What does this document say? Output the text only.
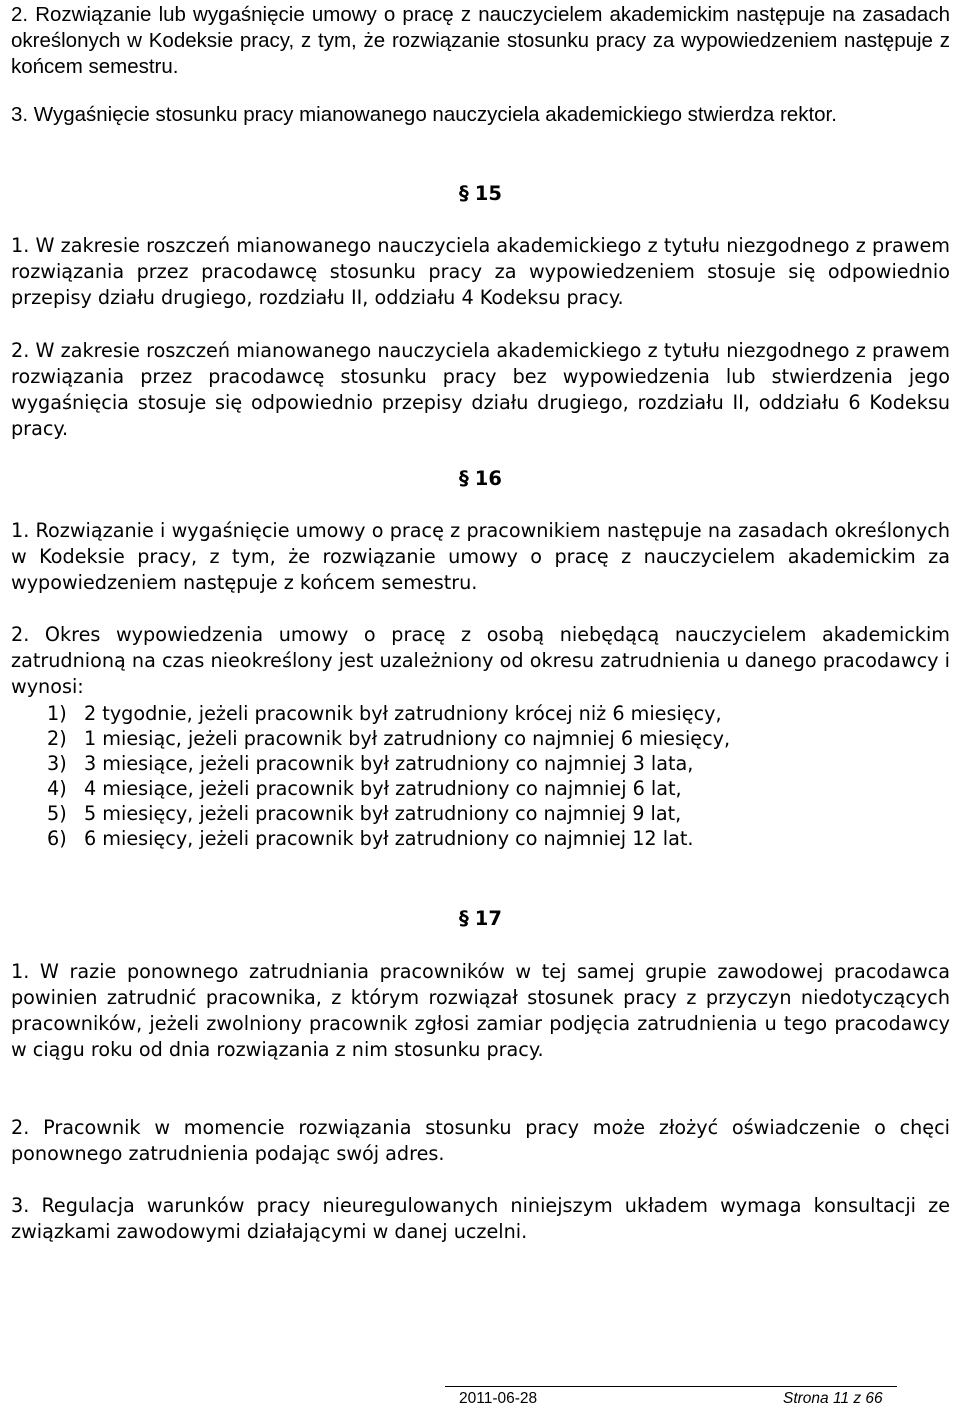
2. Rozwiązanie lub wygaśnięcie umowy o pracę z nauczycielem akademickim następuje na zasadach określonych w Kodeksie pracy, z tym, że rozwiązanie stosunku pracy za wypowiedzeniem następuje z końcem semestru.

3. Wygaśnięcie stosunku pracy mianowanego nauczyciela akademickiego stwierdza rektor.

§ 15

1. W zakresie roszczeń mianowanego nauczyciela akademickiego z tytułu niezgodnego z prawem rozwiązania przez pracodawcę stosunku pracy za wypowiedzeniem stosuje się odpowiednio przepisy działu drugiego, rozdziału II, oddziału 4 Kodeksu pracy.

2. W zakresie roszczeń mianowanego nauczyciela akademickiego z tytułu niezgodnego z prawem rozwiązania przez pracodawcę stosunku pracy bez wypowiedzenia lub stwierdzenia jego wygaśnięcia stosuje się odpowiednio przepisy działu drugiego, rozdziału II, oddziału 6 Kodeksu pracy.

§ 16

1. Rozwiązanie i wygaśnięcie umowy o pracę z pracownikiem następuje na zasadach określonych w Kodeksie pracy, z tym, że rozwiązanie umowy o pracę z nauczycielem akademickim za wypowiedzeniem następuje z końcem semestru.

2. Okres wypowiedzenia umowy o pracę z osobą niebędącą nauczycielem akademickim zatrudnioną na czas nieokreślony jest uzależniony od okresu zatrudnienia u danego pracodawcy i wynosi:

1) 2 tygodnie, jeżeli pracownik był zatrudniony krócej niż 6 miesięcy,
2) 1 miesiąc, jeżeli pracownik był zatrudniony co najmniej 6 miesięcy,
3) 3 miesiące, jeżeli pracownik był zatrudniony co najmniej 3 lata,
4) 4 miesiące, jeżeli pracownik był zatrudniony co najmniej 6 lat,
5) 5 miesięcy, jeżeli pracownik był zatrudniony co najmniej 9 lat,
6) 6 miesięcy, jeżeli pracownik był zatrudniony co najmniej 12 lat.
§ 17

1. W razie ponownego zatrudniania pracowników w tej samej grupie zawodowej pracodawca powinien zatrudnić pracownika, z którym rozwiązał stosunek pracy z przyczyn niedotyczących pracowników, jeżeli zwolniony pracownik zgłosi zamiar podjęcia zatrudnienia u tego pracodawcy w ciągu roku od dnia rozwiązania z nim stosunku pracy.

2. Pracownik w momencie rozwiązania stosunku pracy może złożyć oświadczenie o chęci ponownego zatrudnienia podając swój adres.

3. Regulacja warunków pracy nieuregulowanych niniejszym układem wymaga konsultacji ze związkami zawodowymi działającymi w danej uczelni.

2011-06-28	Strona 11 z 66
